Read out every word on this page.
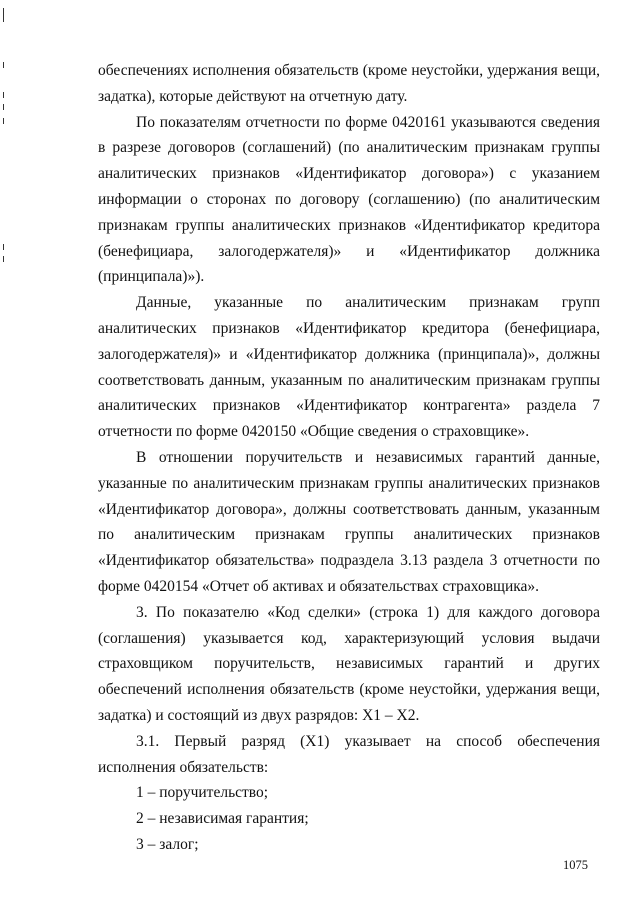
обеспечениях исполнения обязательств (кроме неустойки, удержания вещи, задатка), которые действуют на отчетную дату.

По показателям отчетности по форме 0420161 указываются сведения в разрезе договоров (соглашений) (по аналитическим признакам группы аналитических признаков «Идентификатор договора») с указанием информации о сторонах по договору (соглашению) (по аналитическим признакам группы аналитических признаков «Идентификатор кредитора (бенефициара, залогодержателя)» и «Идентификатор должника (принципала)»).

Данные, указанные по аналитическим признакам групп аналитических признаков «Идентификатор кредитора (бенефициара, залогодержателя)» и «Идентификатор должника (принципала)», должны соответствовать данным, указанным по аналитическим признакам группы аналитических признаков «Идентификатор контрагента» раздела 7 отчетности по форме 0420150 «Общие сведения о страховщике».

В отношении поручительств и независимых гарантий данные, указанные по аналитическим признакам группы аналитических признаков «Идентификатор договора», должны соответствовать данным, указанным по аналитическим признакам группы аналитических признаков «Идентификатор обязательства» подраздела 3.13 раздела 3 отчетности по форме 0420154 «Отчет об активах и обязательствах страховщика».

3. По показателю «Код сделки» (строка 1) для каждого договора (соглашения) указывается код, характеризующий условия выдачи страховщиком поручительств, независимых гарантий и других обеспечений исполнения обязательств (кроме неустойки, удержания вещи, задатка) и состоящий из двух разрядов: X1 – X2.

3.1. Первый разряд (X1) указывает на способ обеспечения исполнения обязательств:

1 – поручительство;

2 – независимая гарантия;

3 – залог;

1075
